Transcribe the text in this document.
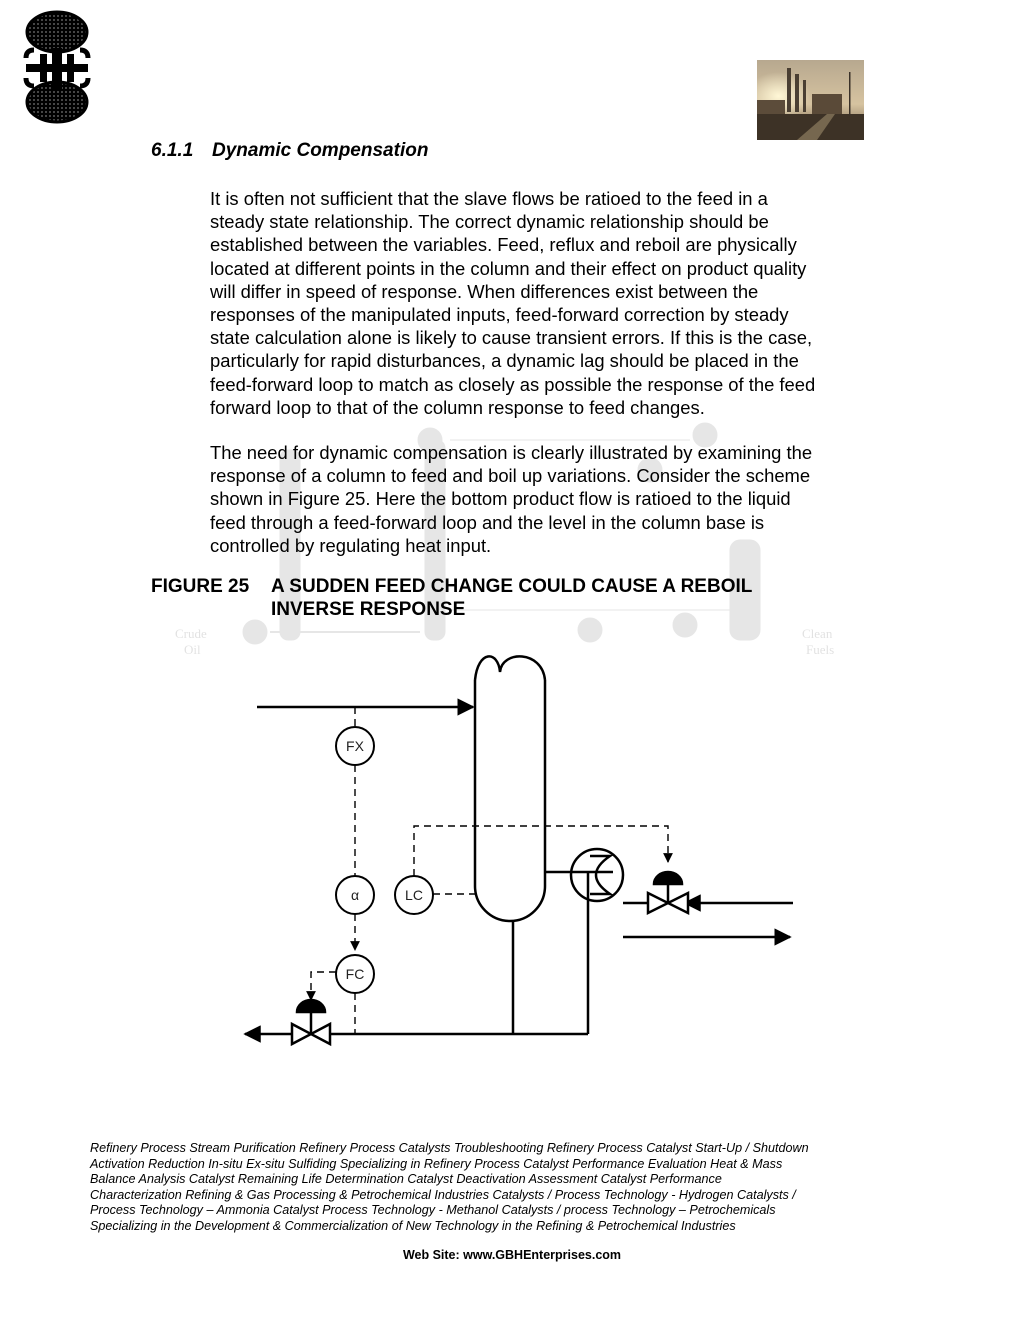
6.1.1 Dynamic Compensation
Crude
Oil
Clean
Fuels
It is often not sufficient that the slave flows be ratioed to the feed in a
steady state relationship. The correct dynamic relationship should be
established between the variables. Feed, reflux and reboil are physically
located at different points in the column and their effect on product quality
will differ in speed of response. When differences exist between the
responses of the manipulated inputs, feed-forward correction by steady
state calculation alone is likely to cause transient errors. If this is the case,
particularly for rapid disturbances, a dynamic lag should be placed in the
feed-forward loop to match as closely as possible the response of the feed
forward loop to that of the column response to feed changes.
The need for dynamic compensation is clearly illustrated by examining the
response of a column to feed and boil up variations. Consider the scheme
shown in Figure 25. Here the bottom product flow is ratioed to the liquid
feed through a feed-forward loop and the level in the column base is
controlled by regulating heat input.
FIGURE 25 A SUDDEN FEED CHANGE COULD CAUSE A REBOIL
INVERSE RESPONSE
FX
α	LC
FC
Refinery Process Stream Purification Refinery Process Catalysts Troubleshooting Refinery Process Catalyst Start-Up / Shutdown
Activation Reduction In-situ Ex-situ Sulfiding Specializing in Refinery Process Catalyst Performance Evaluation Heat & Mass
Balance Analysis Catalyst Remaining Life Determination Catalyst Deactivation Assessment Catalyst Performance
Characterization Refining & Gas Processing & Petrochemical Industries Catalysts / Process Technology - Hydrogen Catalysts /
Process Technology – Ammonia Catalyst Process Technology - Methanol Catalysts / process Technology – Petrochemicals
Specializing in the Development & Commercialization of New Technology in the Refining & Petrochemical Industries
Web Site: www.GBHEnterprises.com
